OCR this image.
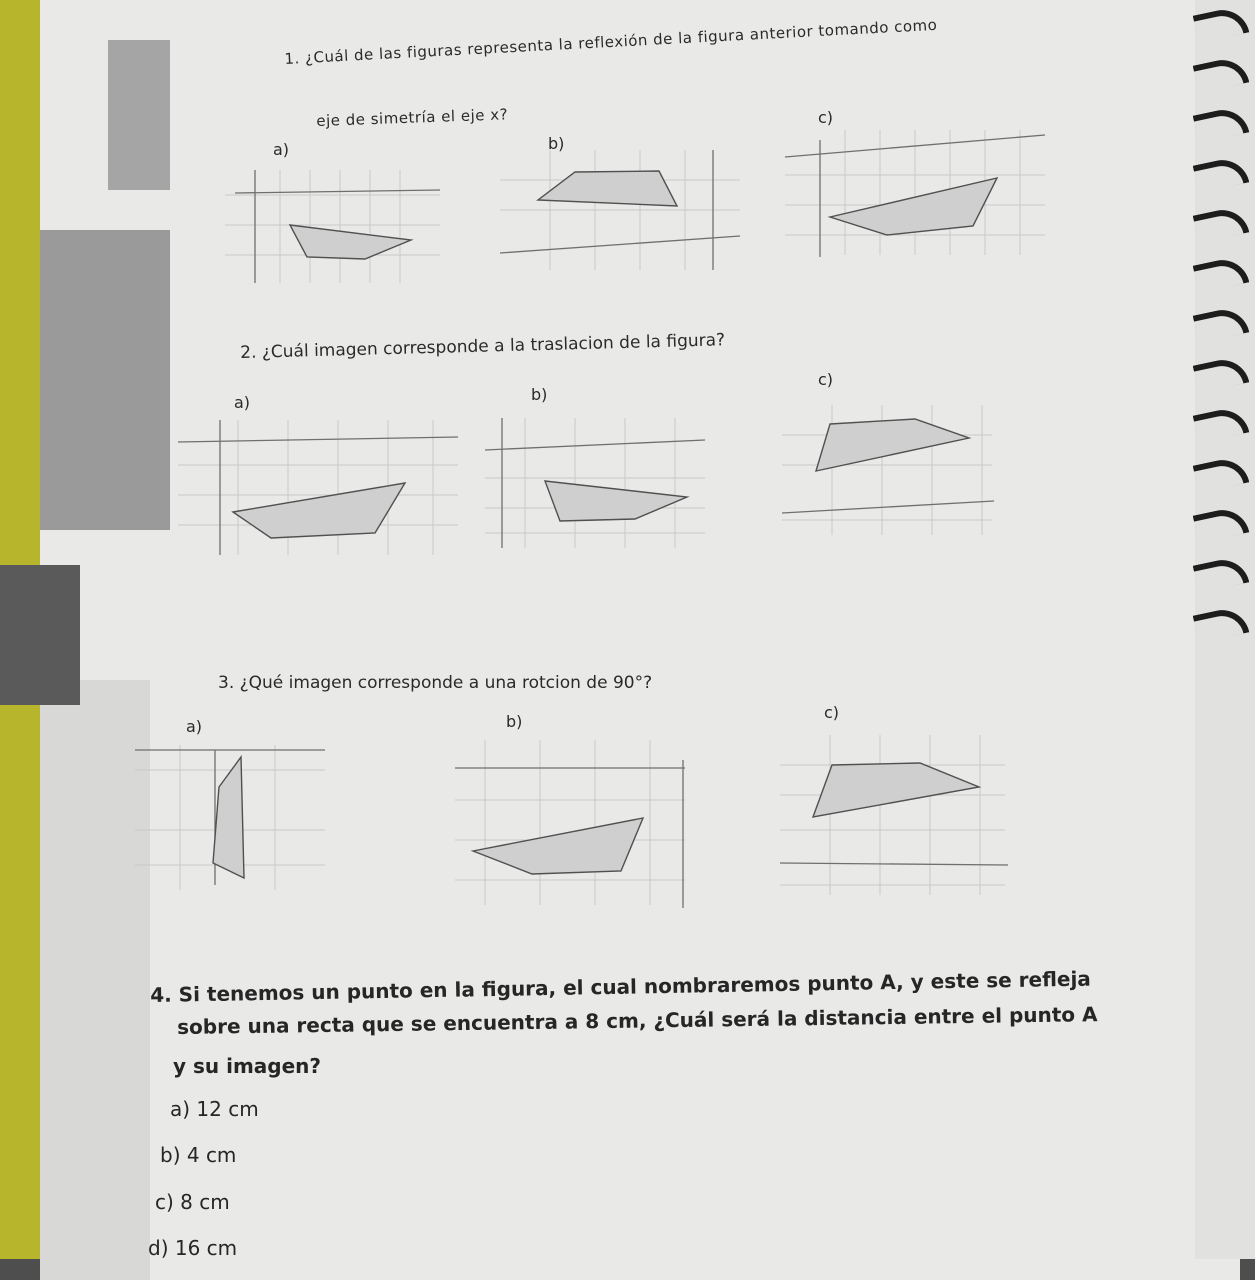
1. ¿Cuál de las figuras representa la reflexión de la figura anterior tomando como
eje de simetría el eje x?
a)	b)
c)
2. ¿Cuál imagen corresponde a la traslacion de la figura?
a)	b)
c)
3. ¿Qué imagen corresponde a una rotcion de 90°?
a)	b)	c)
4. Si tenemos un punto en la figura, el cual nombraremos punto A, y este se refleja
sobre una recta que se encuentra a 8 cm, ¿Cuál será la distancia entre el punto A
y su imagen?
a) 12 cm
b) 4 cm
c) 8 cm
d) 16 cm
